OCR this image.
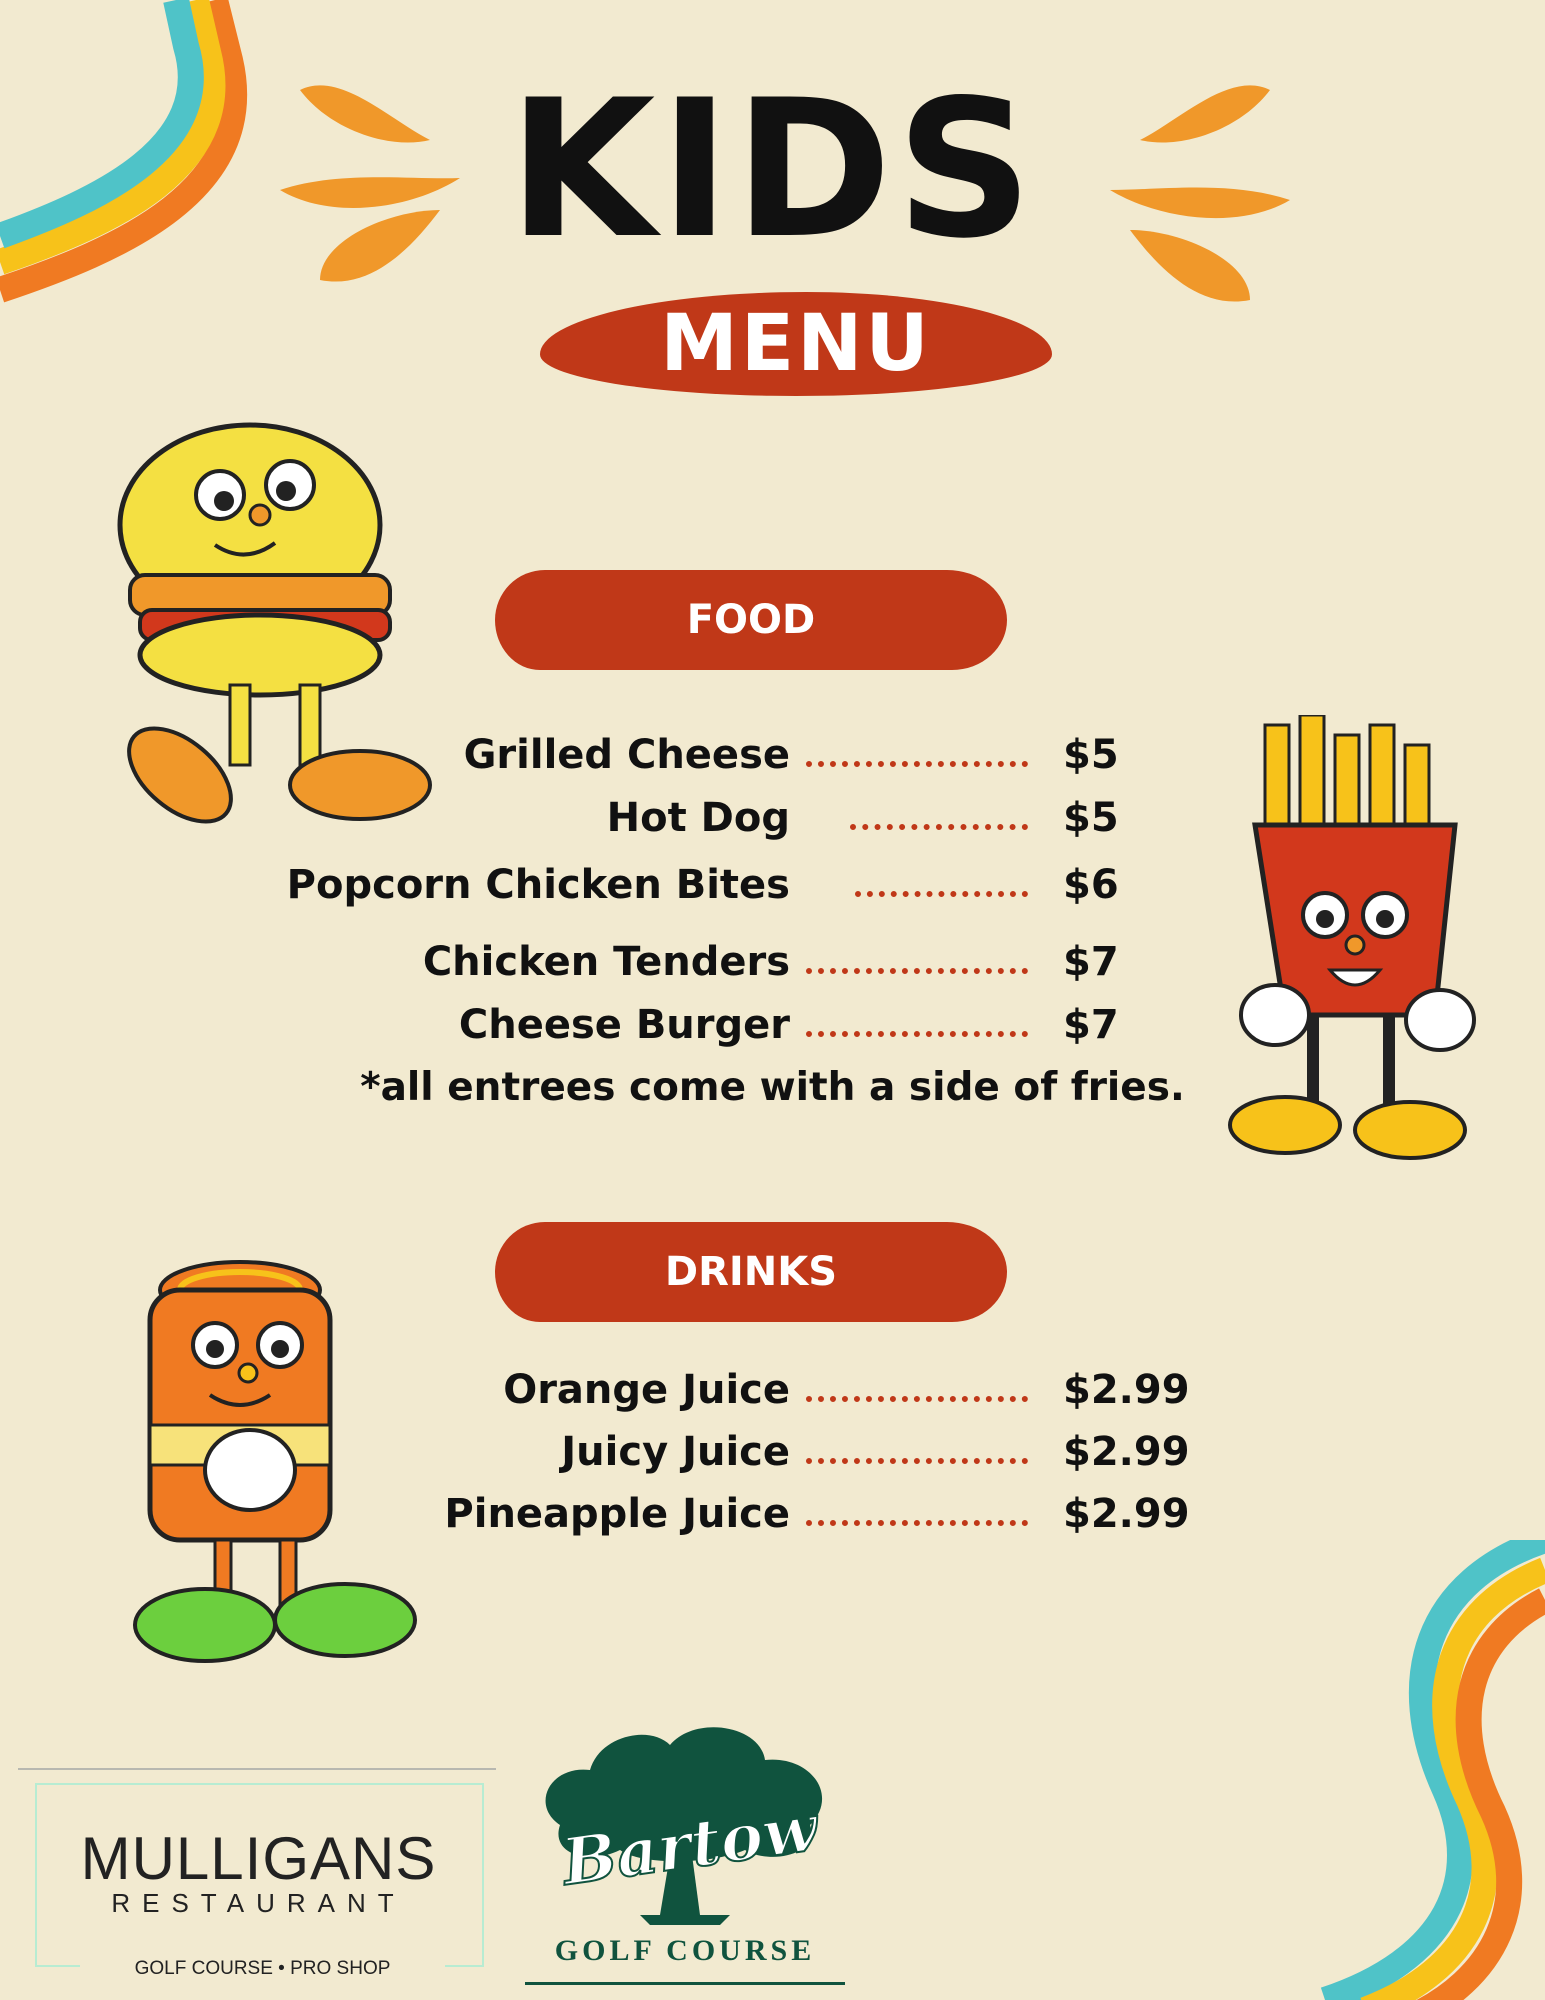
KIDS
MENU
FOOD
Grilled Cheese	$5
Hot Dog	$5
Popcorn Chicken Bites	$6
Chicken Tenders	$7
Cheese Burger	$7
*all entrees come with a side of fries.
DRINKS
Orange Juice	$2.99
Juicy Juice	$2.99
Pineapple Juice	$2.99
MULLIGANS
RESTAURANT
GOLF COURSE • PRO SHOP
Bartow
GOLF COURSE
